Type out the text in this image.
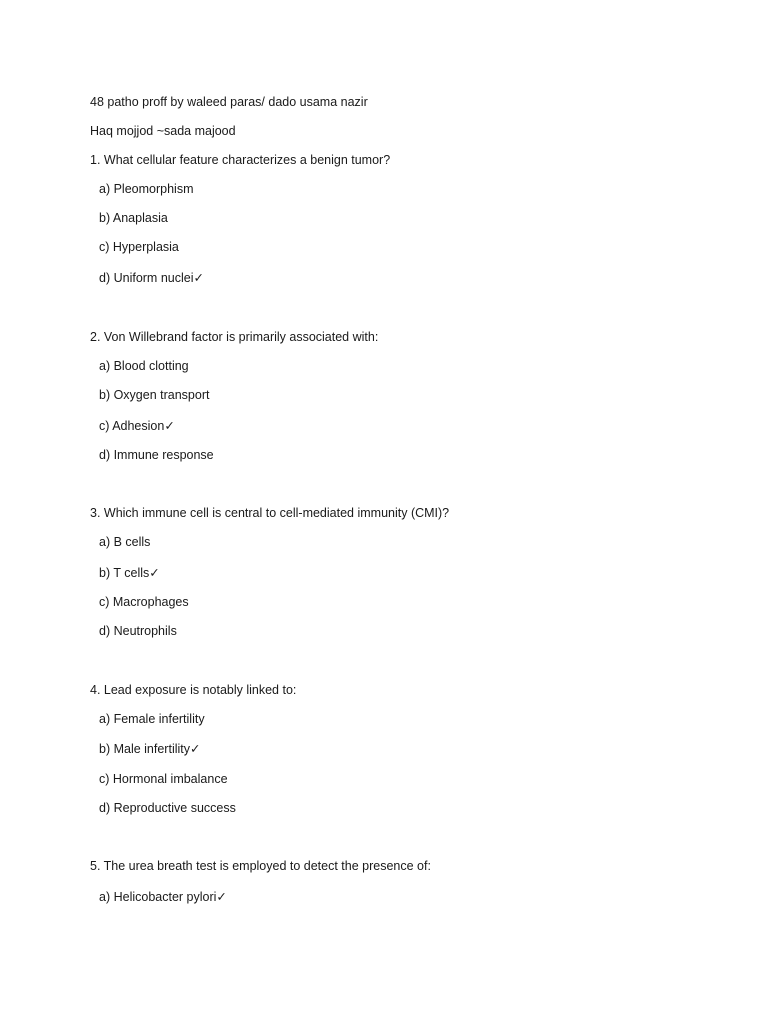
48 patho proff by waleed paras/ dado usama nazir
Haq mojjod ~sada majood
1. What cellular feature characterizes a benign tumor?
a) Pleomorphism
b) Anaplasia
c) Hyperplasia
d) Uniform nuclei✓
2. Von Willebrand factor is primarily associated with:
a) Blood clotting
b) Oxygen transport
c) Adhesion✓
d) Immune response
3. Which immune cell is central to cell-mediated immunity (CMI)?
a) B cells
b) T cells✓
c) Macrophages
d) Neutrophils
4. Lead exposure is notably linked to:
a) Female infertility
b) Male infertility✓
c) Hormonal imbalance
d) Reproductive success
5. The urea breath test is employed to detect the presence of:
a) Helicobacter pylori✓
